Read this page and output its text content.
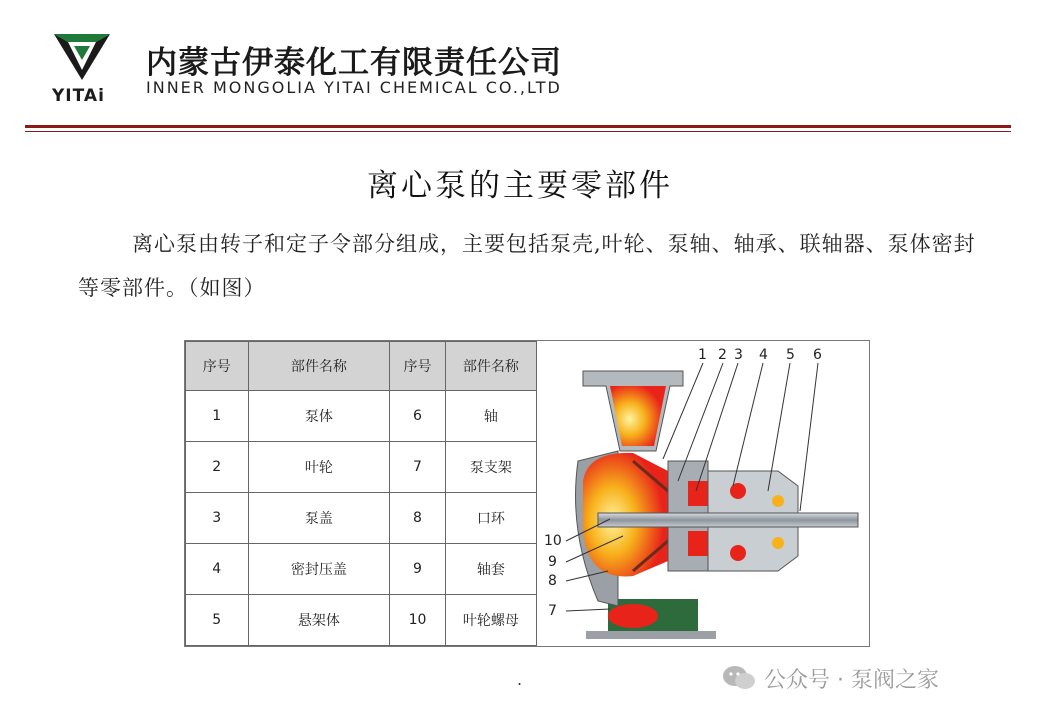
YITAi
内蒙古伊泰化工有限责任公司
INNER MONGOLIA YITAI CHEMICAL CO.,LTD
离心泵的主要零部件
离心泵由转子和定子令部分组成，主要包括泵壳,叶轮、泵轴、轴承、联轴器、泵体密封等零部件。（如图）
序号	部件名称	序号	部件名称
1	泵体	6	轴
2	叶轮	7	泵支架
3	泵盖	8	口环
4	密封压盖	9	轴套
5	悬架体	10	叶轮螺母
1 2 3 4 5 6
10
9
8
7
.	公众号 · 泵阀之家
